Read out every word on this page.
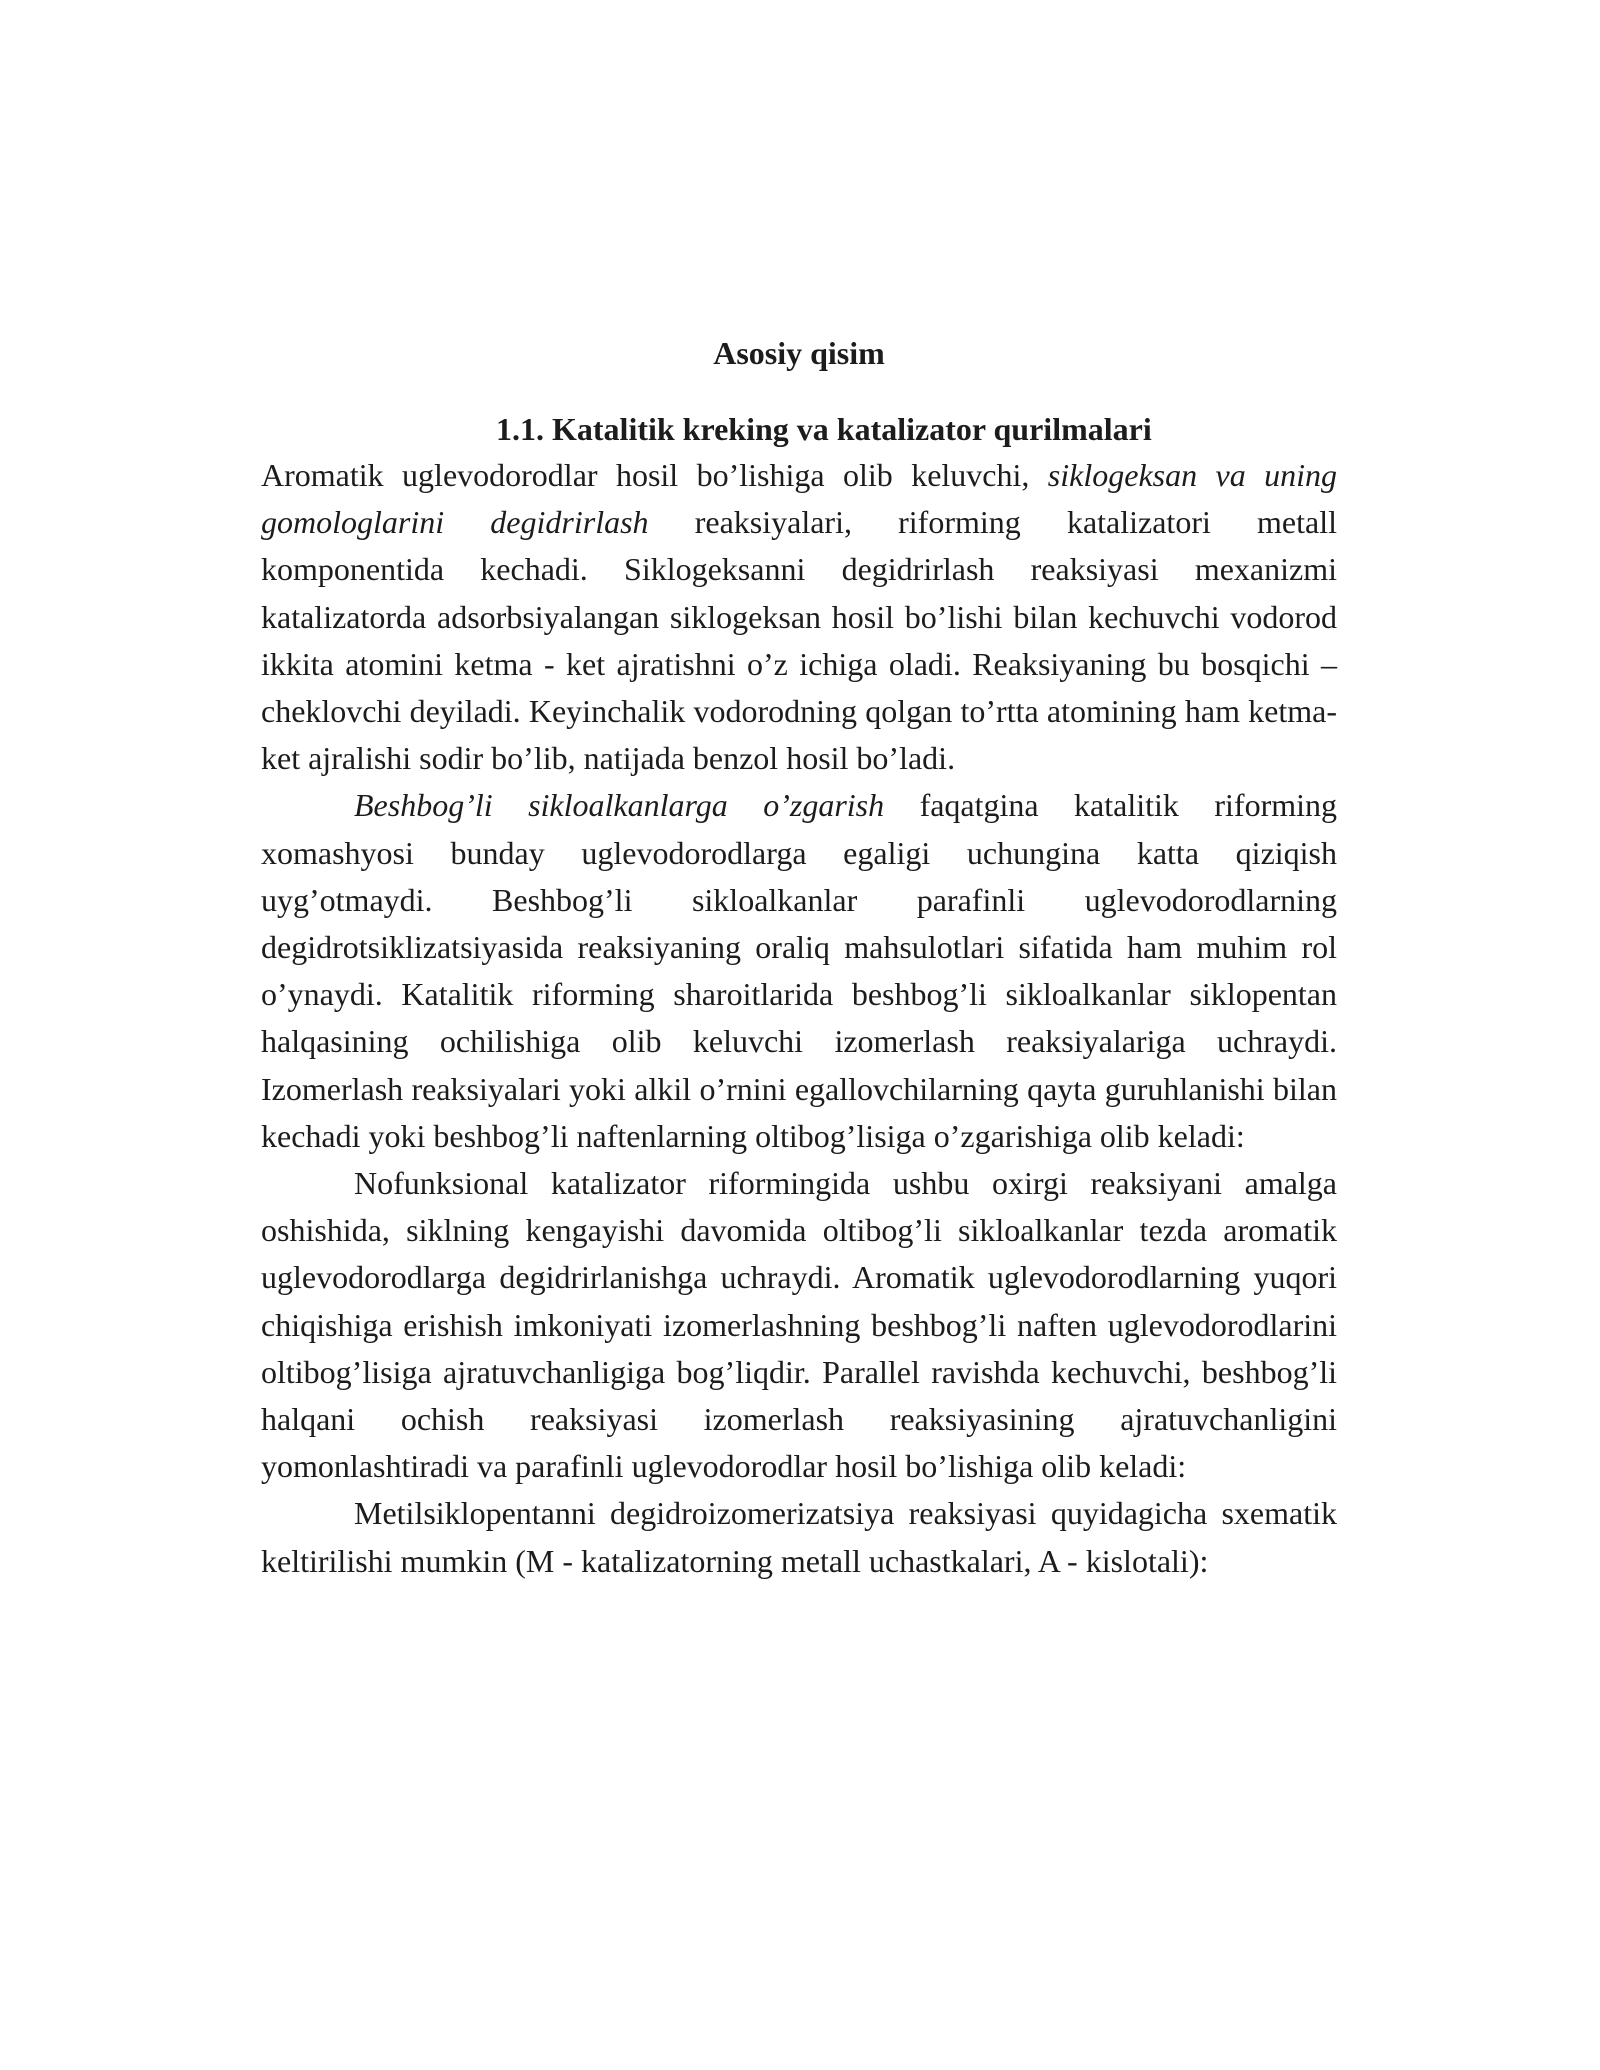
Asosiy qisim
1.1. Katalitik kreking va katalizator qurilmalari

Aromatik uglevodorodlar hosil bo’lishiga olib keluvchi, siklogeksan va uning gomologlarini degidrirlash reaksiyalari, riforming katalizatori metall komponentida kechadi. Siklogeksanni degidrirlash reaksiyasi mexanizmi katalizatorda adsorbsiyalangan siklogeksan hosil bo’lishi bilan kechuvchi vodorod ikkita atomini ketma - ket ajratishni o’z ichiga oladi. Reaksiyaning bu bosqichi – cheklovchi deyiladi. Keyinchalik vodorodning qolgan to’rtta atomining ham ketma-ket ajralishi sodir bo’lib, natijada benzol hosil bo’ladi.

Beshbog’li sikloalkanlarga o’zgarish faqatgina katalitik riforming xomashyosi bunday uglevodorodlarga egaligi uchungina katta qiziqish uyg’otmaydi. Beshbog’li sikloalkanlar parafinli uglevodorodlarning degidrotsiklizatsiyasida reaksiyaning oraliq mahsulotlari sifatida ham muhim rol o’ynaydi. Katalitik riforming sharoitlarida beshbog’li sikloalkanlar siklopentan halqasining ochilishiga olib keluvchi izomerlash reaksiyalariga uchraydi. Izomerlash reaksiyalari yoki alkil o’rnini egallovchilarning qayta guruhlanishi bilan kechadi yoki beshbog’li naftenlarning oltibog’lisiga o’zgarishiga olib keladi:

Nofunksional katalizator riformingida ushbu oxirgi reaksiyani amalga oshishida, siklning kengayishi davomida oltibog’li sikloalkanlar tezda aromatik uglevodorodlarga degidrirlanishga uchraydi. Aromatik uglevodorodlarning yuqori chiqishiga erishish imkoniyati izomerlashning beshbog’li naften uglevodorodlarini oltibog’lisiga ajratuvchanligiga bog’liqdir. Parallel ravishda kechuvchi, beshbog’li halqani ochish reaksiyasi izomerlash reaksiyasining ajratuvchanligini yomonlashtiradi va parafinli uglevodorodlar hosil bo’lishiga olib keladi:

Metilsiklopentanni degidroizomerizatsiya reaksiyasi quyidagicha sxematik keltirilishi mumkin (M - katalizatorning metall uchastkalari, A - kislotali):
